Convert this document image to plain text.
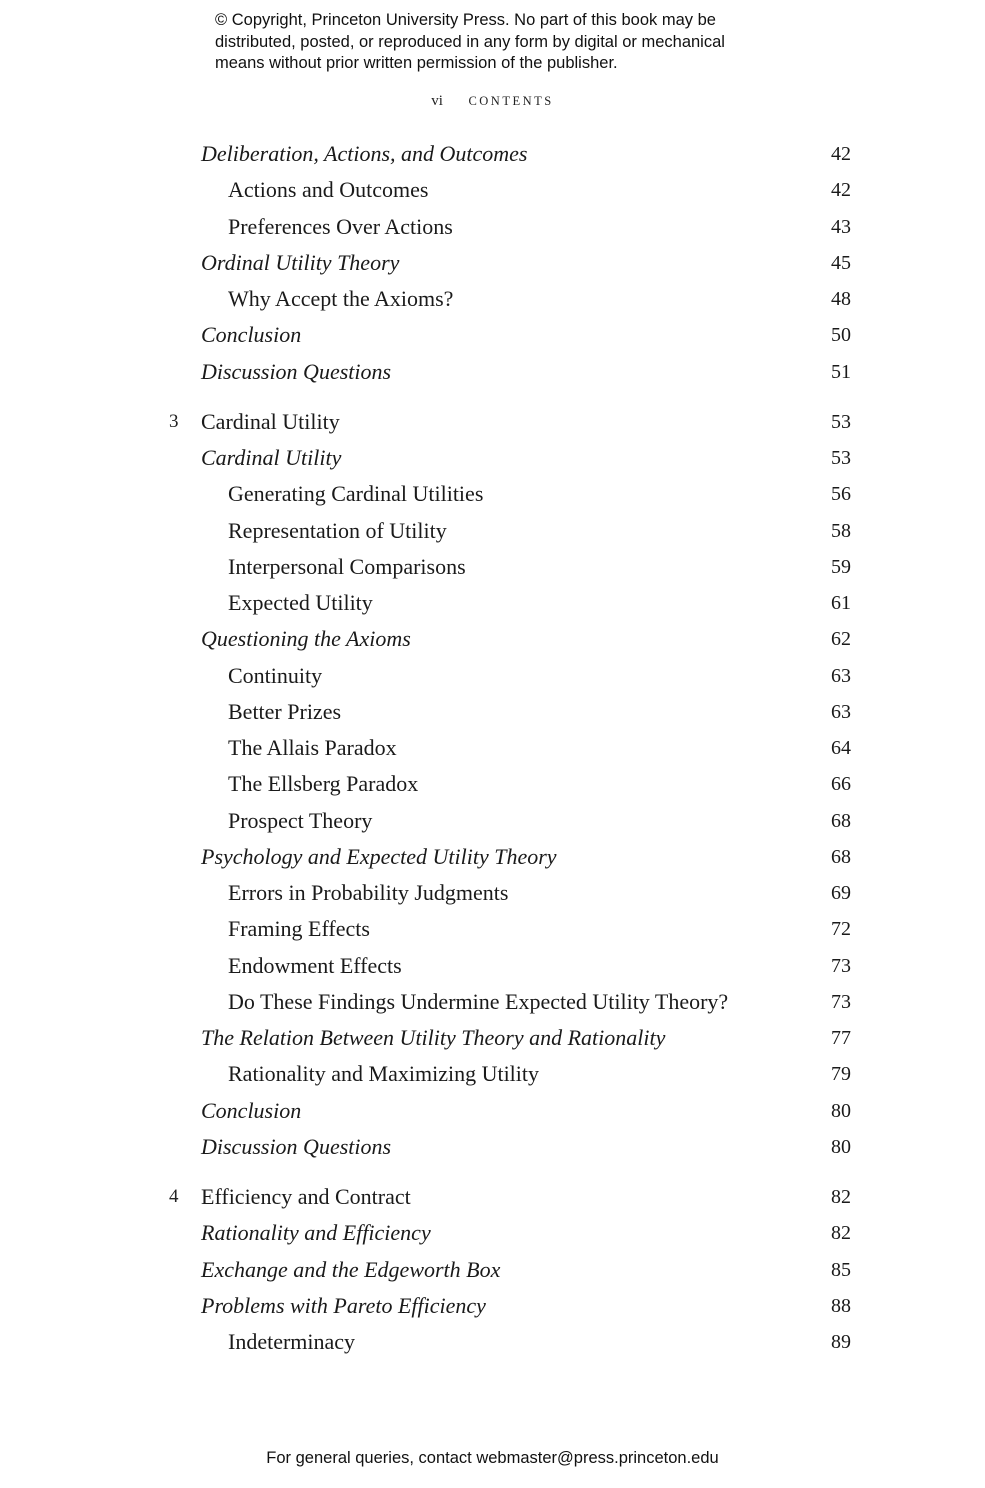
© Copyright, Princeton University Press. No part of this book may be
distributed, posted, or reproduced in any form by digital or mechanical
means without prior written permission of the publisher.
vi CONTENTS
Deliberation, Actions, and Outcomes	42
Actions and Outcomes	42
Preferences Over Actions	43
Ordinal Utility Theory	45
Why Accept the Axioms?	48
Conclusion	50
Discussion Questions	51
3 Cardinal Utility	53
Cardinal Utility	53
Generating Cardinal Utilities	56
Representation of Utility	58
Interpersonal Comparisons	59
Expected Utility	61
Questioning the Axioms	62
Continuity	63
Better Prizes	63
The Allais Paradox	64
The Ellsberg Paradox	66
Prospect Theory	68
Psychology and Expected Utility Theory	68
Errors in Probability Judgments	69
Framing Effects	72
Endowment Effects	73
Do These Findings Undermine Expected Utility Theory?	73
The Relation Between Utility Theory and Rationality	77
Rationality and Maximizing Utility	79
Conclusion	80
Discussion Questions	80
4 Efficiency and Contract	82
Rationality and Efficiency	82
Exchange and the Edgeworth Box	85
Problems with Pareto Efficiency	88
Indeterminacy	89
For general queries, contact webmaster@press.princeton.edu
